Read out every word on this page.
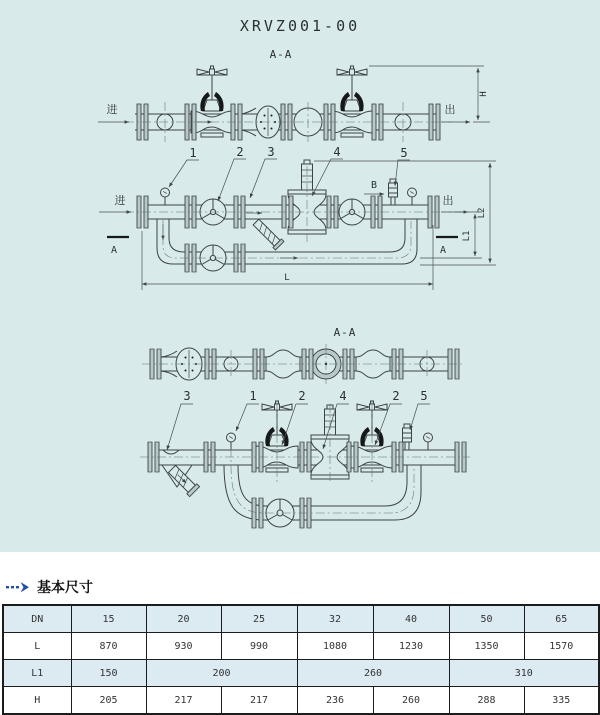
XRVZ001-00
A-A
进	出
H
进	出
B
A	A
1	2 3	4	5
L
L1
L2
A-A
3	1	2	4	2 5
基本尺寸
DN	15	20	25	32	40	50	65
L	870	930	990	1080	1230	1350	1570
L1	150	200		260		310	
H	205	217	217	236	260	288	335
